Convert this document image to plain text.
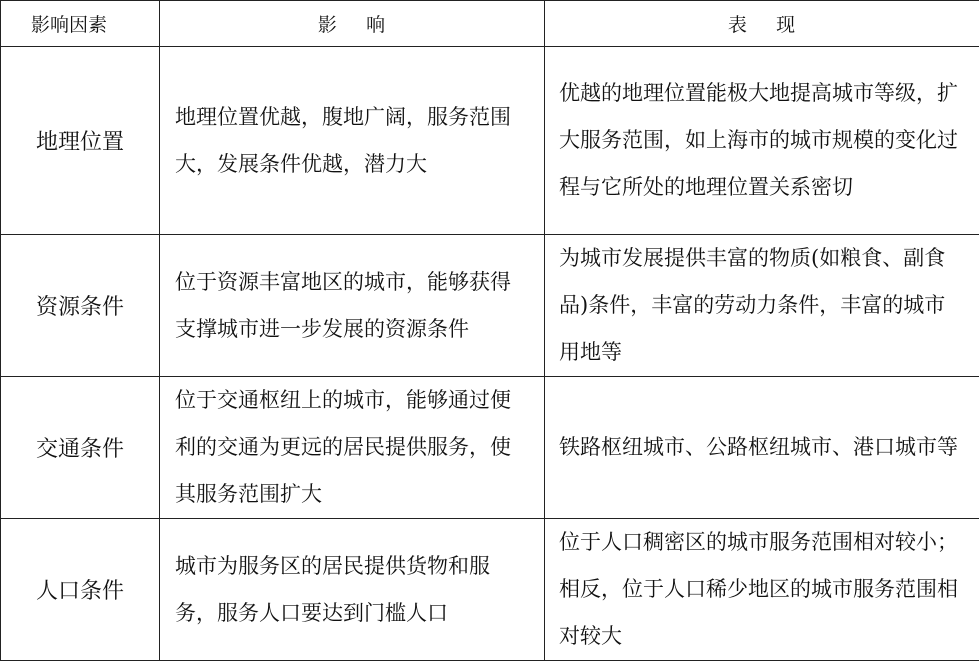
影响因素	影    响	表    现
地理位置	地理位置优越，腹地广阔，服务范围大，发展条件优越，潜力大	优越的地理位置能极大地提高城市等级，扩大服务范围，如上海市的城市规模的变化过程与它所处的地理位置关系密切
资源条件	位于资源丰富地区的城市，能够获得支撑城市进一步发展的资源条件	为城市发展提供丰富的物质(如粮食、副食品)条件，丰富的劳动力条件，丰富的城市用地等
交通条件	位于交通枢纽上的城市，能够通过便利的交通为更远的居民提供服务，使其服务范围扩大	铁路枢纽城市、公路枢纽城市、港口城市等
人口条件	城市为服务区的居民提供货物和服务，服务人口要达到门槛人口	位于人口稠密区的城市服务范围相对较小；相反，位于人口稀少地区的城市服务范围相对较大
